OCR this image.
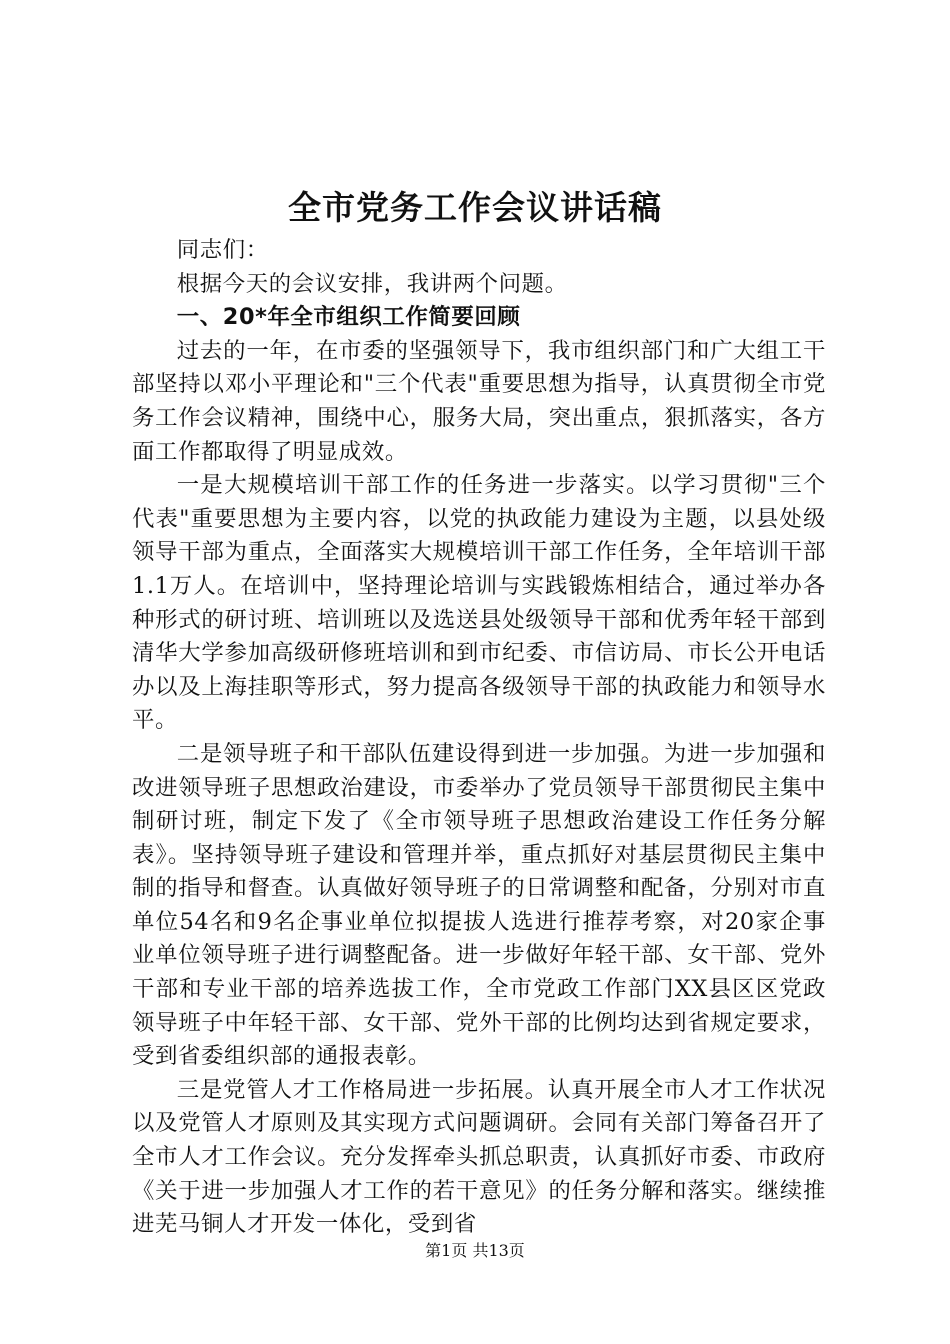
全市党务工作会议讲话稿

同志们：

根据今天的会议安排，我讲两个问题。

一、20*年全市组织工作简要回顾

过去的一年，在市委的坚强领导下，我市组织部门和广大组工干部坚持以邓小平理论和"三个代表"重要思想为指导，认真贯彻全市党务工作会议精神，围绕中心，服务大局，突出重点，狠抓落实，各方面工作都取得了明显成效。

一是大规模培训干部工作的任务进一步落实。以学习贯彻"三个代表"重要思想为主要内容，以党的执政能力建设为主题，以县处级领导干部为重点，全面落实大规模培训干部工作任务，全年培训干部1.1万人。在培训中，坚持理论培训与实践锻炼相结合，通过举办各种形式的研讨班、培训班以及选送县处级领导干部和优秀年轻干部到清华大学参加高级研修班培训和到市纪委、市信访局、市长公开电话办以及上海挂职等形式，努力提高各级领导干部的执政能力和领导水平。

二是领导班子和干部队伍建设得到进一步加强。为进一步加强和改进领导班子思想政治建设，市委举办了党员领导干部贯彻民主集中制研讨班，制定下发了《全市领导班子思想政治建设工作任务分解表》。坚持领导班子建设和管理并举，重点抓好对基层贯彻民主集中制的指导和督查。认真做好领导班子的日常调整和配备，分别对市直单位54名和9名企事业单位拟提拔人选进行推荐考察，对20家企事业单位领导班子进行调整配备。进一步做好年轻干部、女干部、党外干部和专业干部的培养选拔工作，全市党政工作部门XX县区区党政领导班子中年轻干部、女干部、党外干部的比例均达到省规定要求，受到省委组织部的通报表彰。

三是党管人才工作格局进一步拓展。认真开展全市人才工作状况以及党管人才原则及其实现方式问题调研。会同有关部门筹备召开了全市人才工作会议。充分发挥牵头抓总职责，认真抓好市委、市政府《关于进一步加强人才工作的若干意见》的任务分解和落实。继续推进芜马铜人才开发一体化，受到省

第1页 共13页
